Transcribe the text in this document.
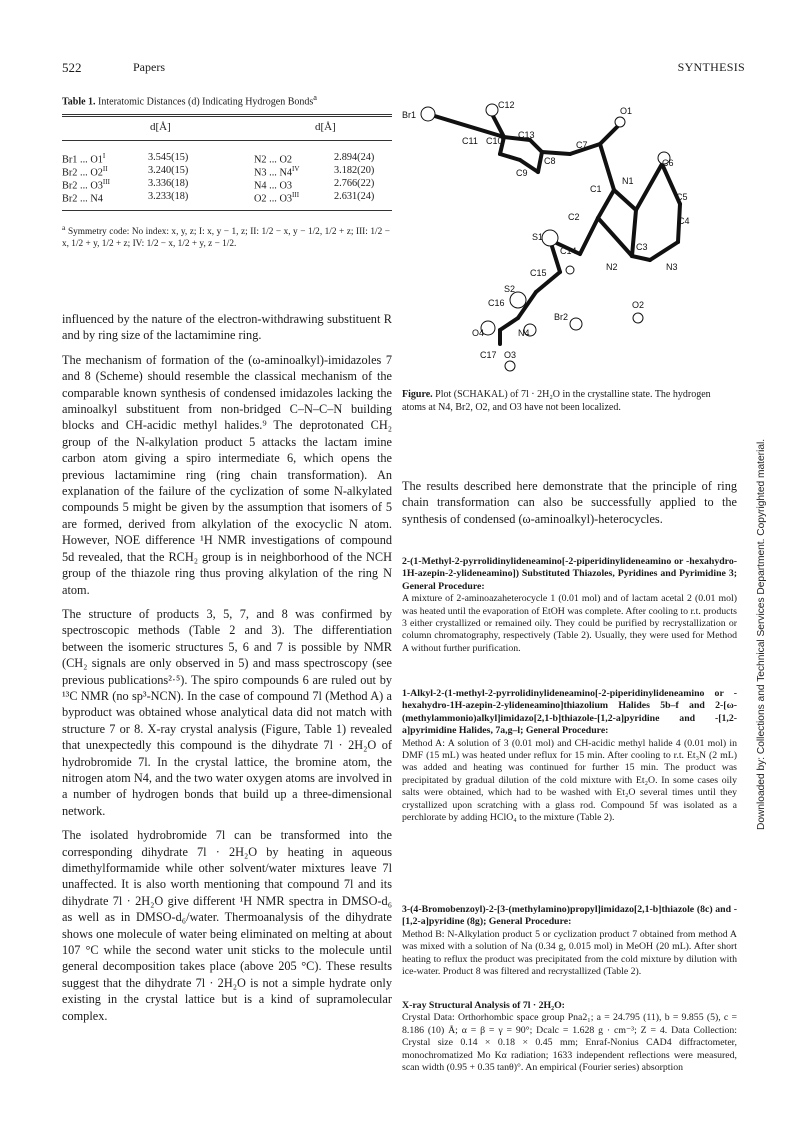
522	Papers	SYNTHESIS
Table 1. Interatomic Distances (d) Indicating Hydrogen Bonds$^a$
d[Å]	d[Å]
Br1 ... $O1^I$	3.545(15)	N2 ... O2	2.894(24)
Br2 ... $O2^{II}$	3.240(15)	N3 ... $N4^{IV}$	3.182(20)
Br2 ... $O3^{III}$	3.336(18)	N4 ... O3	2.766(22)
Br2 ... N4	3.233(18)	O2 ... $O3^{III}$	2.631(24)
$^a$ Symmetry code: No index: x, y, z; I: x, y − 1, z; II: 1/2 − x, y − 1/2, 1/2 + z; III: 1/2 − x, 1/2 + y, 1/2 + z; IV: 1/2 − x, 1/2 + y, z − 1/2.

influenced by the nature of the electron-withdrawing substituent R and by ring size of the lactamimine ring.

The mechanism of formation of the (ω-aminoalkyl)-imidazoles 7 and 8 (Scheme) should resemble the classical mechanism of the comparable known synthesis of condensed imidazoles lacking the aminoalkyl substituent from non-bridged C–N–C–N building blocks and CH-acidic methyl halides.⁹ The deprotonated CH₂ group of the N-alkylation product 5 attacks the lactam imine carbon atom giving a spiro intermediate 6, which opens the previous lactamimine ring (ring chain transformation). An explanation of the failure of the cyclization of some N-alkylated compounds 5 might be given by the assumption that isomers of 5 are formed, derived from alkylation of the exocyclic N atom. However, NOE difference ¹H NMR investigations of compound 5d revealed, that the RCH₂ group is in neighborhood of the NCH group of the thiazole ring thus proving alkylation of the ring N atom.

The structure of products 3, 5, 7, and 8 was confirmed by spectroscopic methods (Table 2 and 3). The differentiation between the isomeric structures 5, 6 and 7 is possible by NMR (CH₂ signals are only observed in 5) and mass spectroscopy (see previous publications²·⁵). The spiro compounds 6 are ruled out by ¹³C NMR (no sp³-NCN). In the case of compound 7l (Method A) a byproduct was obtained whose analytical data did not match with structure 7 or 8. X-ray crystal analysis (Figure, Table 1) revealed that unexpectedly this compound is the dihydrate 7l · 2H₂O of hydrobromide 7l. In the crystal lattice, the bromine atom, the nitrogen atom N4, and the two water oxygen atoms are involved in a number of hydrogen bonds that build up a three-dimensional network.

The isolated hydrobromide 7l can be transformed into the corresponding dihydrate 7l · 2H₂O by heating in aqueous dimethylformamide while other solvent/water mixtures leave 7l unaffected. It is also worth mentioning that compound 7l and its dihydrate 7l · 2H₂O give different ¹H NMR spectra in DMSO-d₆ as well as in DMSO-d₆/water. Thermoanalysis of the dihydrate shows one molecule of water being eliminated on melting at about 107 °C while the second water unit sticks to the molecule until general decomposition takes place (above 205 °C). These results suggest that the dihydrate 7l · 2H₂O is not a simple hydrate only existing in the crystal lattice but is a kind of supramolecular complex.

Br1
C12
O1
C11 C10
C13
C7
C8	C6
C9
C1
N1
C5
C2	C4
S1
C14	C3
N2	N3
C15
S2
C16	O2
Br2
N4
O4
C17 O3
Figure. Plot (SCHAKAL) of 7l · 2H₂O in the crystalline state. The hydrogen atoms at N4, Br2, O2, and O3 have not been localized.
The results described here demonstrate that the principle of ring chain transformation can also be successfully applied to the synthesis of condensed (ω-aminoalkyl)-heterocycles.

2-(1-Methyl-2-pyrrolidinylideneamino[-2-piperidinylideneamino or -hexahydro-1H-azepin-2-ylideneamino]) Substituted Thiazoles, Pyridines and Pyrimidine 3; General Procedure:

A mixture of 2-aminoazaheterocycle 1 (0.01 mol) and of lactam acetal 2 (0.01 mol) was heated until the evaporation of EtOH was complete. After cooling to r.t. products 3 either crystallized or remained oily. They could be purified by recrystallization or column chromatography, respectively (Table 2). Usually, they were used for Method A without further purification.

1-Alkyl-2-(1-methyl-2-pyrrolidinylideneamino[-2-piperidinylideneamino or -hexahydro-1H-azepin-2-ylideneamino]thiazolium Halides 5b–f and 2-[ω-(methylammonio)alkyl]imidazo[2,1-b]thiazole-[1,2-a]pyridine and -[1,2-a]pyrimidine Halides, 7a,g–l; General Procedure:

Method A: A solution of 3 (0.01 mol) and CH-acidic methyl halide 4 (0.01 mol) in DMF (15 mL) was heated under reflux for 15 min. After cooling to r.t. Et₃N (2 mL) was added and heating was continued for further 15 min. The product was precipitated by gradual dilution of the cold mixture with Et₂O. In some cases oily salts were obtained, which had to be washed with Et₂O several times until they crystallized upon scratching with a glass rod. Compound 5f was isolated as a perchlorate by adding HClO₄ to the mixture (Table 2).

3-(4-Bromobenzoyl)-2-[3-(methylamino)propyl]imidazo[2,1-b]thiazole (8c) and -[1,2-a]pyridine (8g); General Procedure:

Method B: N-Alkylation product 5 or cyclization product 7 obtained from method A was mixed with a solution of Na (0.34 g, 0.015 mol) in MeOH (20 mL). After short heating to reflux the product was precipitated from the cold mixture by dilution with ice-water. Product 8 was filtered and recrystallized (Table 2).

X-ray Structural Analysis of 7l · 2H₂O:

Crystal Data: Orthorhombic space group Pna2₁; a = 24.795 (11), b = 9.855 (5), c = 8.186 (10) Å; α = β = γ = 90°; Dcalc = 1.628 g · cm⁻³; Z = 4. Data Collection: Crystal size 0.14 × 0.18 × 0.45 mm; Enraf-Nonius CAD4 diffractometer, monochromatized Mo Kα radiation; 1633 independent reflections were measured, scan width (0.95 + 0.35 tanθ)°. An empirical (Fourier series) absorption

Downloaded by: Collections and Technical Services Department. Copyrighted material.
